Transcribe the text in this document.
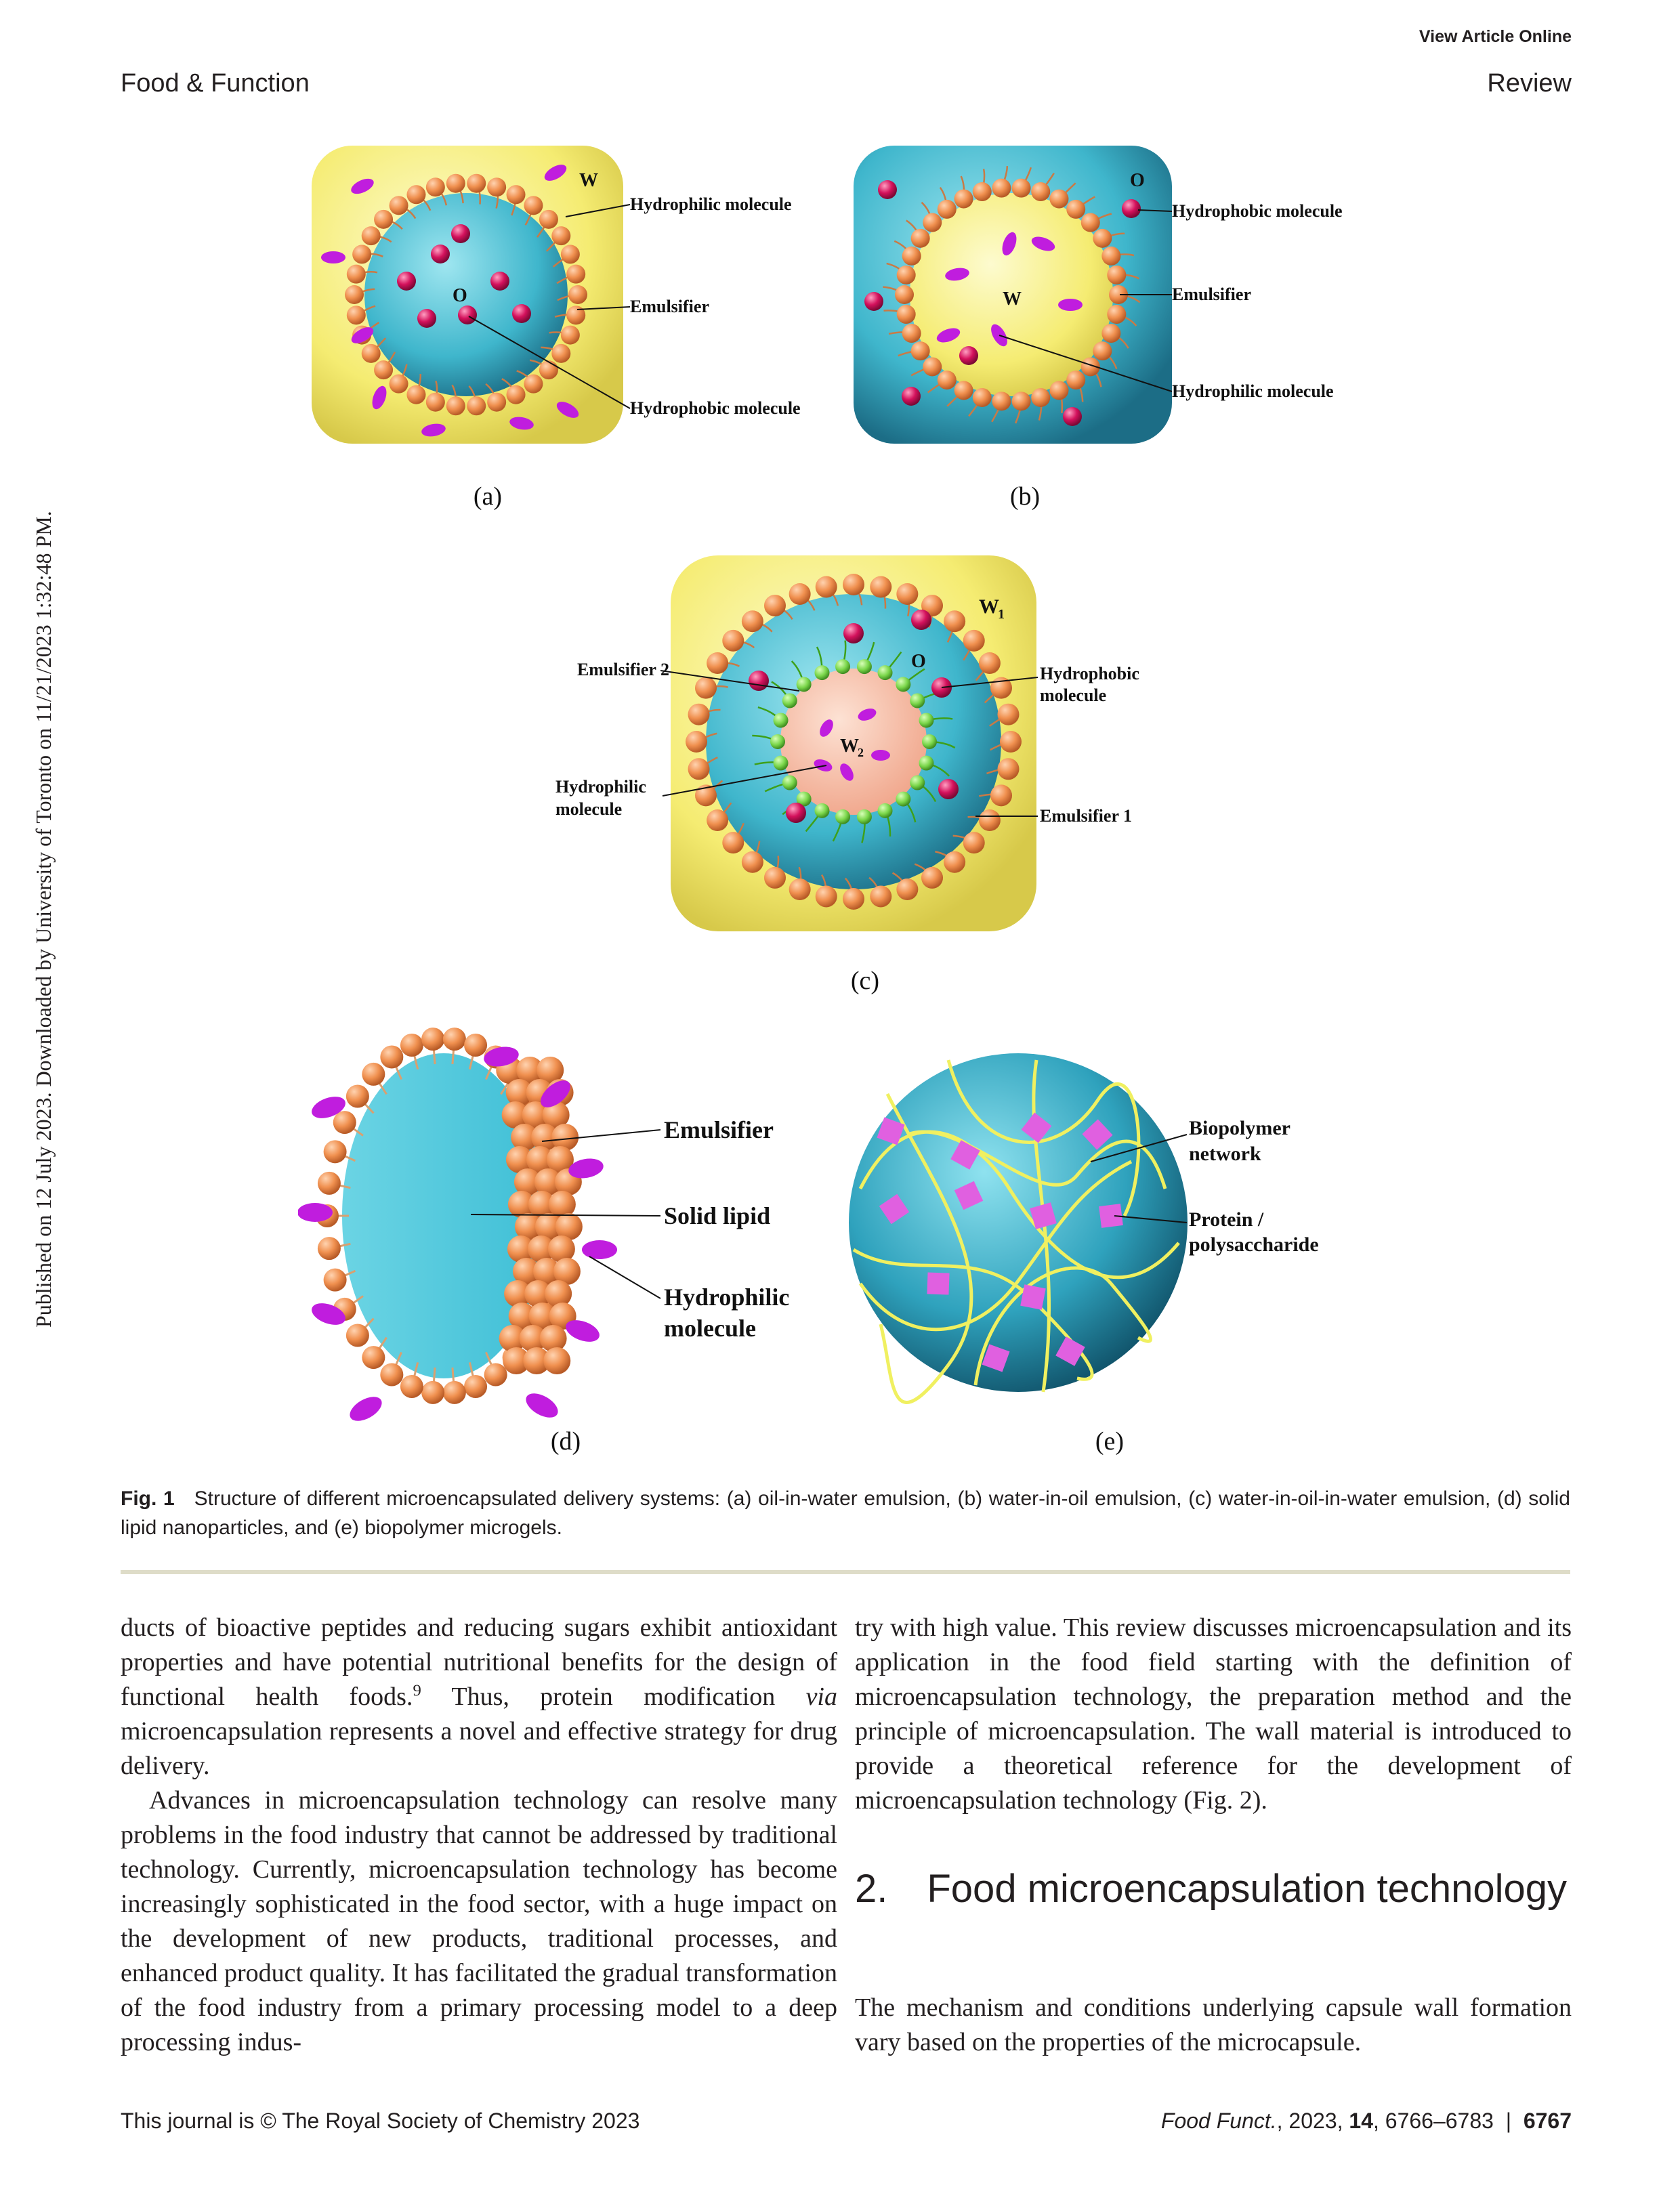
View Article Online
Food & Function	Review
Published on 12 July 2023. Downloaded by University of Toronto on 11/21/2023 1:32:48 PM.
W
O
Hydrophilic molecule
Emulsifier
Hydrophobic molecule
(a)
O
W
Hydrophobic molecule
Emulsifier
Hydrophilic molecule
(b)
W
1
O
W
2
Emulsifier 2	Hydrophobic
molecule
Hydrophilic
molecule	Emulsifier 1
(c)
Emulsifier
Solid lipid
Hydrophilic
molecule
(d)
Biopolymer
network
Protein /
polysaccharide
(e)
Fig. 1 Structure of different microencapsulated delivery systems: (a) oil-in-water emulsion, (b) water-in-oil emulsion, (c) water-in-oil-in-water emulsion, (d) solid lipid nanoparticles, and (e) biopolymer microgels.

ducts of bioactive peptides and reducing sugars exhibit antioxidant properties and have potential nutritional benefits for the design of functional health foods.$^9$ Thus, protein modification via microencapsulation represents a novel and effective strategy for drug delivery.

Advances in microencapsulation technology can resolve many problems in the food industry that cannot be addressed by traditional technology. Currently, microencapsulation technology has become increasingly sophisticated in the food sector, with a huge impact on the development of new products, traditional processes, and enhanced product quality. It has facilitated the gradual transformation of the food industry from a primary processing model to a deep processing indus-

try with high value. This review discusses microencapsulation and its application in the food field starting with the definition of microencapsulation technology, the preparation method and the principle of microencapsulation. The wall material is introduced to provide a theoretical reference for the development of microencapsulation technology (Fig. 2).

2. Food microencapsulation technology

The mechanism and conditions underlying capsule wall formation vary based on the properties of the microcapsule.

This journal is © The Royal Society of Chemistry 2023	Food Funct., 2023, 14, 6766–6783 | 6767
